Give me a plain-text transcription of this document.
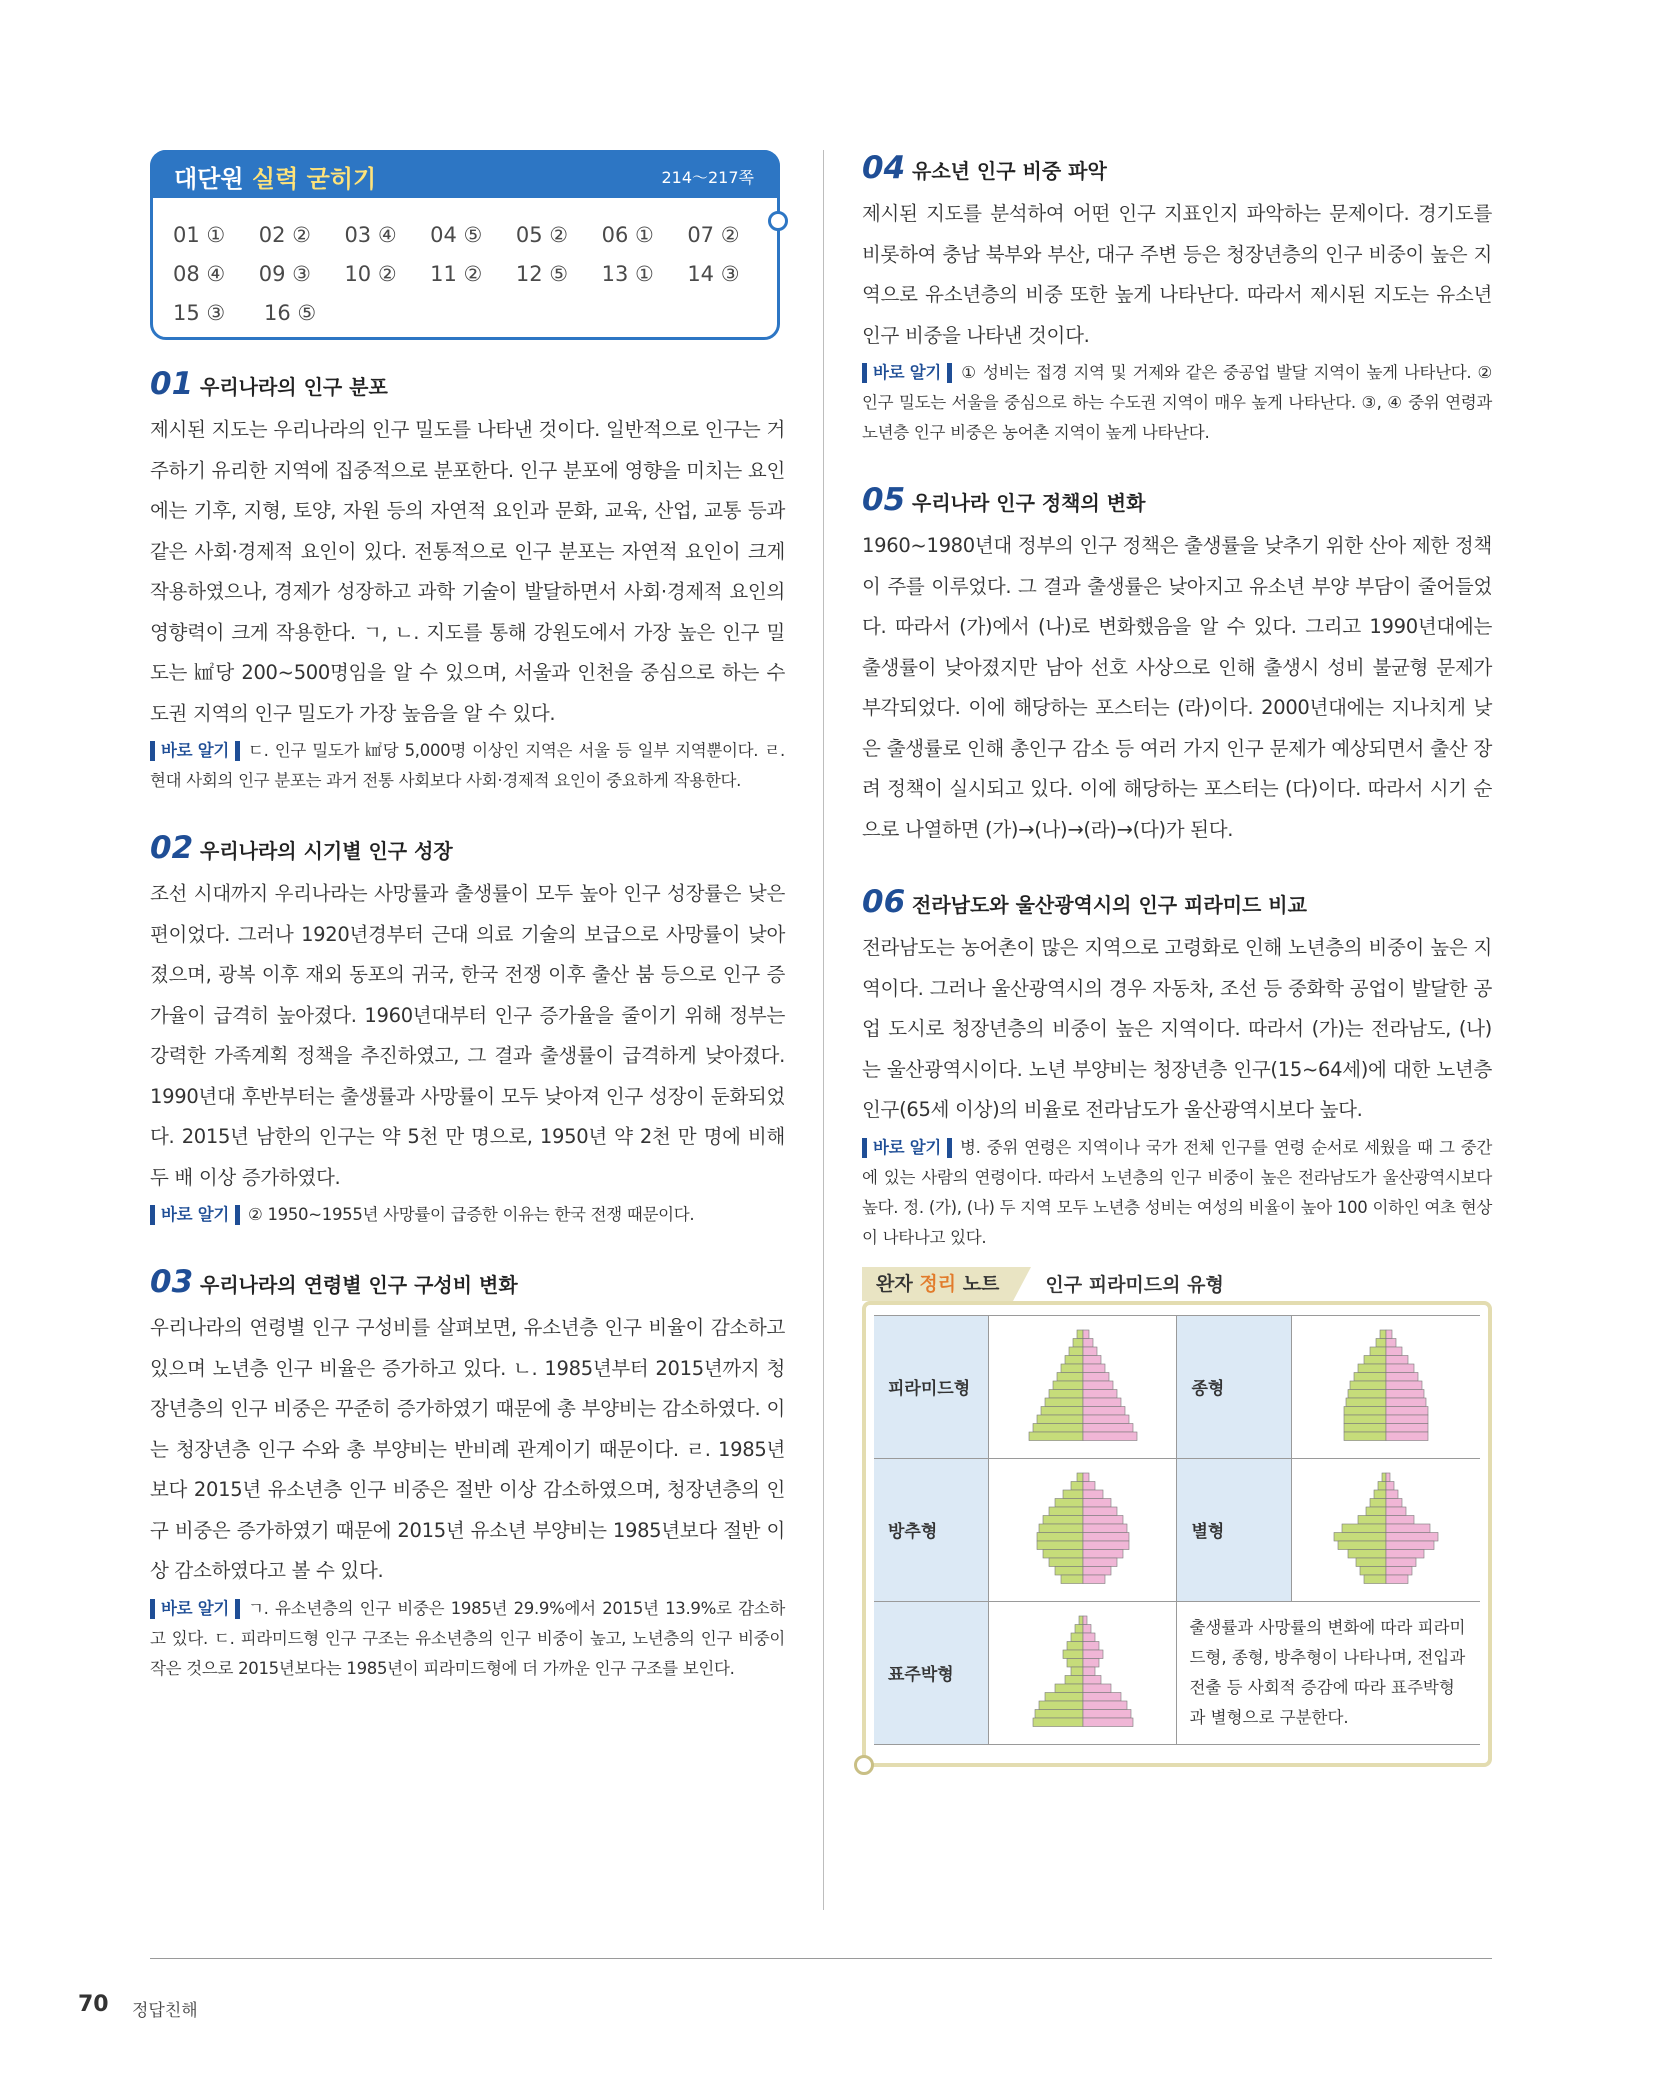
대단원 실력 굳히기	214～217쪽
01 ①	02 ②	03 ④	04 ⑤	05 ②	06 ①	07 ②
08 ④	09 ③	10 ②	11 ②	12 ⑤	13 ①	14 ③
15 ③	16 ⑤
01 우리나라의 인구 분포
제시된 지도는 우리나라의 인구 밀도를 나타낸 것이다. 일반적으로 인구는 거주하기 유리한 지역에 집중적으로 분포한다. 인구 분포에 영향을 미치는 요인에는 기후, 지형, 토양, 자원 등의 자연적 요인과 문화, 교육, 산업, 교통 등과 같은 사회·경제적 요인이 있다. 전통적으로 인구 분포는 자연적 요인이 크게 작용하였으나, 경제가 성장하고 과학 기술이 발달하면서 사회·경제적 요인의 영향력이 크게 작용한다. ㄱ, ㄴ. 지도를 통해 강원도에서 가장 높은 인구 밀도는 ㎢당 200~500명임을 알 수 있으며, 서울과 인천을 중심으로 하는 수도권 지역의 인구 밀도가 가장 높음을 알 수 있다.
바로 알기 ㄷ. 인구 밀도가 ㎢당 5,000명 이상인 지역은 서울 등 일부 지역뿐이다. ㄹ. 현대 사회의 인구 분포는 과거 전통 사회보다 사회·경제적 요인이 중요하게 작용한다.
02 우리나라의 시기별 인구 성장
조선 시대까지 우리나라는 사망률과 출생률이 모두 높아 인구 성장률은 낮은 편이었다. 그러나 1920년경부터 근대 의료 기술의 보급으로 사망률이 낮아졌으며, 광복 이후 재외 동포의 귀국, 한국 전쟁 이후 출산 붐 등으로 인구 증가율이 급격히 높아졌다. 1960년대부터 인구 증가율을 줄이기 위해 정부는 강력한 가족계획 정책을 추진하였고, 그 결과 출생률이 급격하게 낮아졌다. 1990년대 후반부터는 출생률과 사망률이 모두 낮아져 인구 성장이 둔화되었다. 2015년 남한의 인구는 약 5천 만 명으로, 1950년 약 2천 만 명에 비해 두 배 이상 증가하였다.
바로 알기 ② 1950~1955년 사망률이 급증한 이유는 한국 전쟁 때문이다.
03 우리나라의 연령별 인구 구성비 변화
우리나라의 연령별 인구 구성비를 살펴보면, 유소년층 인구 비율이 감소하고 있으며 노년층 인구 비율은 증가하고 있다. ㄴ. 1985년부터 2015년까지 청장년층의 인구 비중은 꾸준히 증가하였기 때문에 총 부양비는 감소하였다. 이는 청장년층 인구 수와 총 부양비는 반비례 관계이기 때문이다. ㄹ. 1985년보다 2015년 유소년층 인구 비중은 절반 이상 감소하였으며, 청장년층의 인구 비중은 증가하였기 때문에 2015년 유소년 부양비는 1985년보다 절반 이상 감소하였다고 볼 수 있다.
바로 알기 ㄱ. 유소년층의 인구 비중은 1985년 29.9%에서 2015년 13.9%로 감소하고 있다. ㄷ. 피라미드형 인구 구조는 유소년층의 인구 비중이 높고, 노년층의 인구 비중이 작은 것으로 2015년보다는 1985년이 피라미드형에 더 가까운 인구 구조를 보인다.
04 유소년 인구 비중 파악
제시된 지도를 분석하여 어떤 인구 지표인지 파악하는 문제이다. 경기도를 비롯하여 충남 북부와 부산, 대구 주변 등은 청장년층의 인구 비중이 높은 지역으로 유소년층의 비중 또한 높게 나타난다. 따라서 제시된 지도는 유소년 인구 비중을 나타낸 것이다.
바로 알기 ① 성비는 접경 지역 및 거제와 같은 중공업 발달 지역이 높게 나타난다. ② 인구 밀도는 서울을 중심으로 하는 수도권 지역이 매우 높게 나타난다. ③, ④ 중위 연령과 노년층 인구 비중은 농어촌 지역이 높게 나타난다.
05 우리나라 인구 정책의 변화
1960~1980년대 정부의 인구 정책은 출생률을 낮추기 위한 산아 제한 정책이 주를 이루었다. 그 결과 출생률은 낮아지고 유소년 부양 부담이 줄어들었다. 따라서 (가)에서 (나)로 변화했음을 알 수 있다. 그리고 1990년대에는 출생률이 낮아졌지만 남아 선호 사상으로 인해 출생시 성비 불균형 문제가 부각되었다. 이에 해당하는 포스터는 (라)이다. 2000년대에는 지나치게 낮은 출생률로 인해 총인구 감소 등 여러 가지 인구 문제가 예상되면서 출산 장려 정책이 실시되고 있다. 이에 해당하는 포스터는 (다)이다. 따라서 시기 순으로 나열하면 (가)→(나)→(라)→(다)가 된다.
06 전라남도와 울산광역시의 인구 피라미드 비교
전라남도는 농어촌이 많은 지역으로 고령화로 인해 노년층의 비중이 높은 지역이다. 그러나 울산광역시의 경우 자동차, 조선 등 중화학 공업이 발달한 공업 도시로 청장년층의 비중이 높은 지역이다. 따라서 (가)는 전라남도, (나)는 울산광역시이다. 노년 부양비는 청장년층 인구(15~64세)에 대한 노년층 인구(65세 이상)의 비율로 전라남도가 울산광역시보다 높다.
바로 알기 병. 중위 연령은 지역이나 국가 전체 인구를 연령 순서로 세웠을 때 그 중간에 있는 사람의 연령이다. 따라서 노년층의 인구 비중이 높은 전라남도가 울산광역시보다 높다. 정. (가), (나) 두 지역 모두 노년층 성비는 여성의 비율이 높아 100 이하인 여초 현상이 나타나고 있다.
완자 정리 노트	인구 피라미드의 유형
피라미드형		종형	
방추형		별형	
표주박형		출생률과 사망률의 변화에 따라 피라미드형, 종형, 방추형이 나타나며, 전입과 전출 등 사회적 증감에 따라 표주박형과 별형으로 구분한다.	
70 정답친해
